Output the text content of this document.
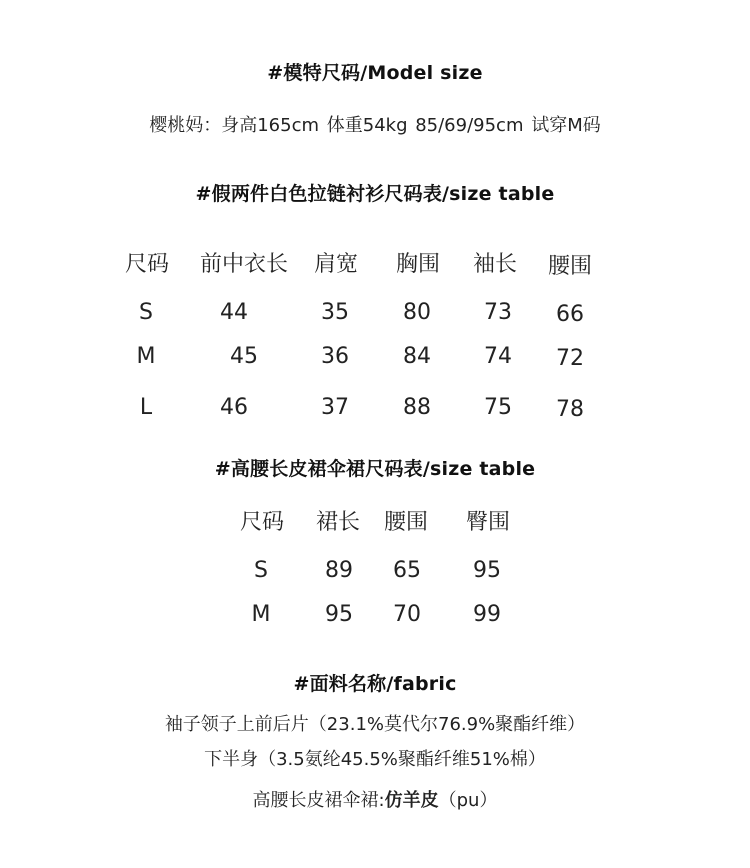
#模特尺码/Model size
樱桃妈：身高165cm 体重54kg 85/69/95cm 试穿M码
#假两件白色拉链衬衫尺码表/size table
尺码 前中衣长 肩宽 胸围 袖长 腰围
S	44	35 80 73 66
M	45	36 84 74 72
L	46	37 88 75 78
#高腰长皮裙伞裙尺码表/size table
尺码 裙长 腰围 臀围
S	89 65 95
M 95 70 99
#面料名称/fabric
袖子领子上前后片（23.1%莫代尔76.9%聚酯纤维）
下半身（3.5氨纶45.5%聚酯纤维51%棉）
高腰长皮裙伞裙:仿羊皮（pu）
